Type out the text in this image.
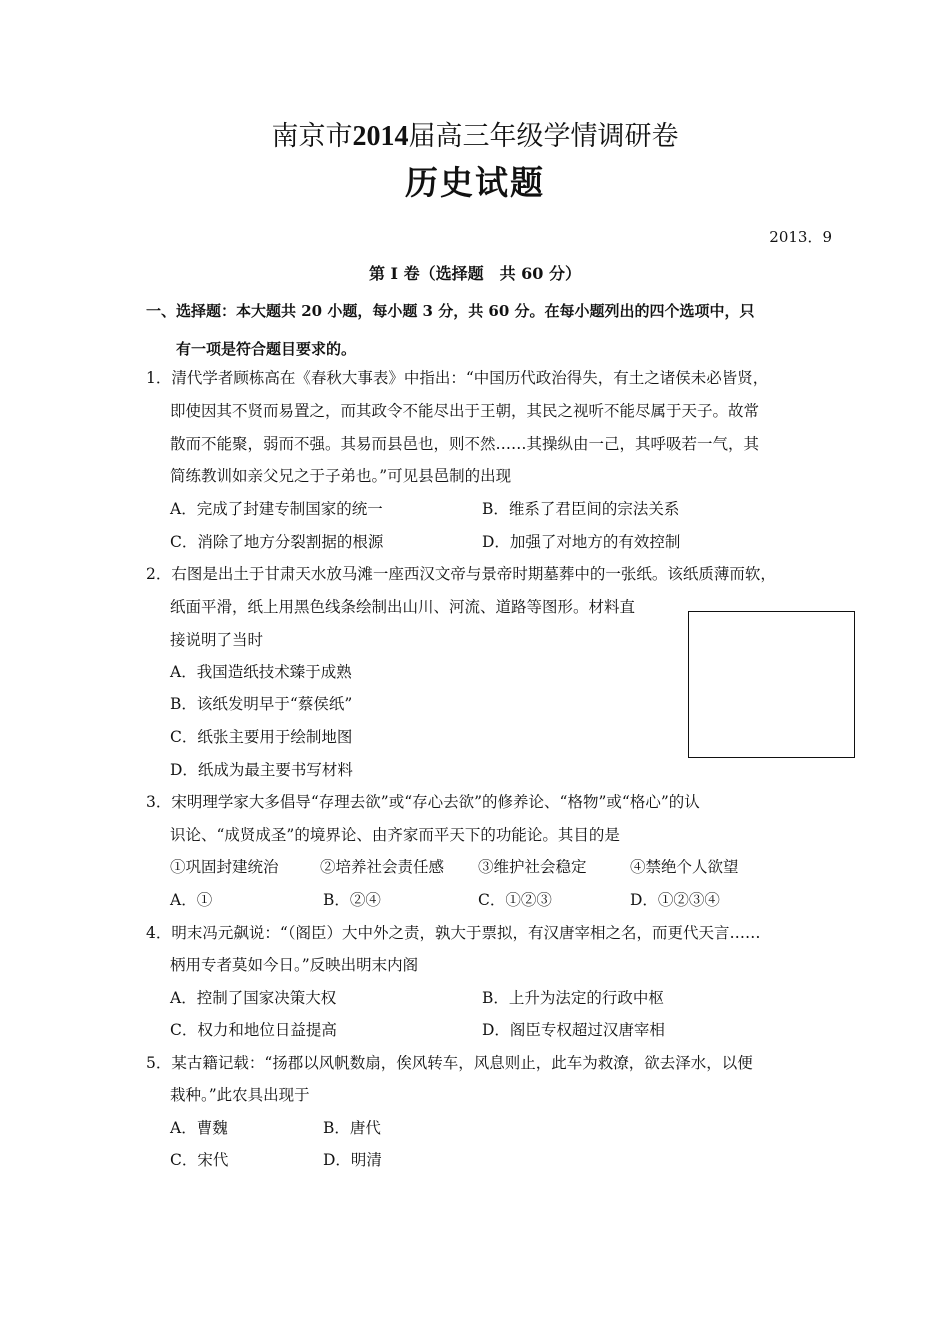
南京市2014届高三年级学情调研卷
历史试题
2013．9
第 I 卷（选择题　共 60 分）
一、选择题：本大题共 20 小题，每小题 3 分，共 60 分。在每小题列出的四个选项中，只
有一项是符合题目要求的。
1．清代学者顾栋高在《春秋大事表》中指出：“中国历代政治得失，有土之诸侯未必皆贤，
即使因其不贤而易置之，而其政令不能尽出于王朝，其民之视听不能尽属于天子。故常
散而不能聚，弱而不强。其易而县邑也，则不然……其操纵由一己，其呼吸若一气，其
简练教训如亲父兄之于子弟也。”可见县邑制的出现
A．完成了封建专制国家的统一	B．维系了君臣间的宗法关系
C．消除了地方分裂割据的根源	D．加强了对地方的有效控制
2．右图是出土于甘肃天水放马滩一座西汉文帝与景帝时期墓葬中的一张纸。该纸质薄而软，
纸面平滑，纸上用黑色线条绘制出山川、河流、道路等图形。材料直
接说明了当时
A．我国造纸技术臻于成熟
B．该纸发明早于“蔡侯纸”
C．纸张主要用于绘制地图
D．纸成为最主要书写材料
3．宋明理学家大多倡导“存理去欲”或“存心去欲”的修养论、“格物”或“格心”的认
识论、“成贤成圣”的境界论、由齐家而平天下的功能论。其目的是
①巩固封建统治	②培养社会责任感 ③维护社会稳定	④禁绝个人欲望
A．①	B．②④	C．①②③	D．①②③④
4．明末冯元飙说：“（阁臣）大中外之责，孰大于票拟，有汉唐宰相之名，而更代天言……
柄用专者莫如今日。”反映出明末内阁
A．控制了国家决策大权	B．上升为法定的行政中枢
C．权力和地位日益提高	D．阁臣专权超过汉唐宰相
5．某古籍记载：“扬郡以风帆数扇，俟风转车，风息则止，此车为救潦，欲去泽水，以便
栽种。”此农具出现于
A．曹魏	B．唐代
C．宋代	D．明清
